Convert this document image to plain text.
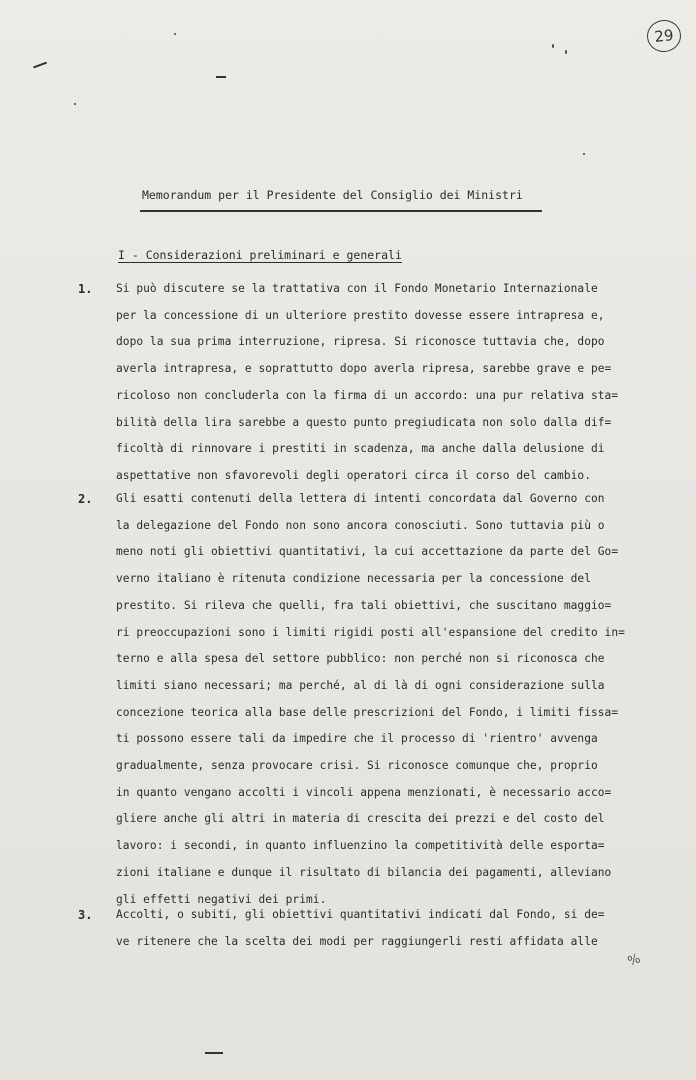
29
Memorandum per il Presidente del Consiglio dei Ministri
I - Considerazioni preliminari e generali
1. Si può discutere se la trattativa con il Fondo Monetario Internazionale
per la concessione di un ulteriore prestito dovesse essere intrapresa e,
dopo la sua prima interruzione, ripresa. Si riconosce tuttavia che, dopo
averla intrapresa, e soprattutto dopo averla ripresa, sarebbe grave e pe=
ricoloso non concluderla con la firma di un accordo: una pur relativa sta=
bilità della lira sarebbe a questo punto pregiudicata non solo dalla dif=
ficoltà di rinnovare i prestiti in scadenza, ma anche dalla delusione di
aspettative non sfavorevoli degli operatori circa il corso del cambio.
2. Gli esatti contenuti della lettera di intenti concordata dal Governo con
la delegazione del Fondo non sono ancora conosciuti. Sono tuttavia più o
meno noti gli obiettivi quantitativi, la cui accettazione da parte del Go=
verno italiano è ritenuta condizione necessaria per la concessione del
prestito. Si rileva che quelli, fra tali obiettivi, che suscitano maggio=
ri preoccupazioni sono i limiti rigidi posti all'espansione del credito in=
terno e alla spesa del settore pubblico: non perché non si riconosca che
limiti siano necessari; ma perché, al di là di ogni considerazione sulla
concezione teorica alla base delle prescrizioni del Fondo, i limiti fissa=
ti possono essere tali da impedire che il processo di 'rientro' avvenga
gradualmente, senza provocare crisi. Si riconosce comunque che, proprio
in quanto vengano accolti i vincoli appena menzionati, è necessario acco=
gliere anche gli altri in materia di crescita dei prezzi e del costo del
lavoro: i secondi, in quanto influenzino la competitività delle esporta=
zioni italiane e dunque il risultato di bilancia dei pagamenti, alleviano
gli effetti negativi dei primi.
3. Accolti, o subiti, gli obiettivi quantitativi indicati dal Fondo, si de=
ve ritenere che la scelta dei modi per raggiungerli resti affidata alle
%
